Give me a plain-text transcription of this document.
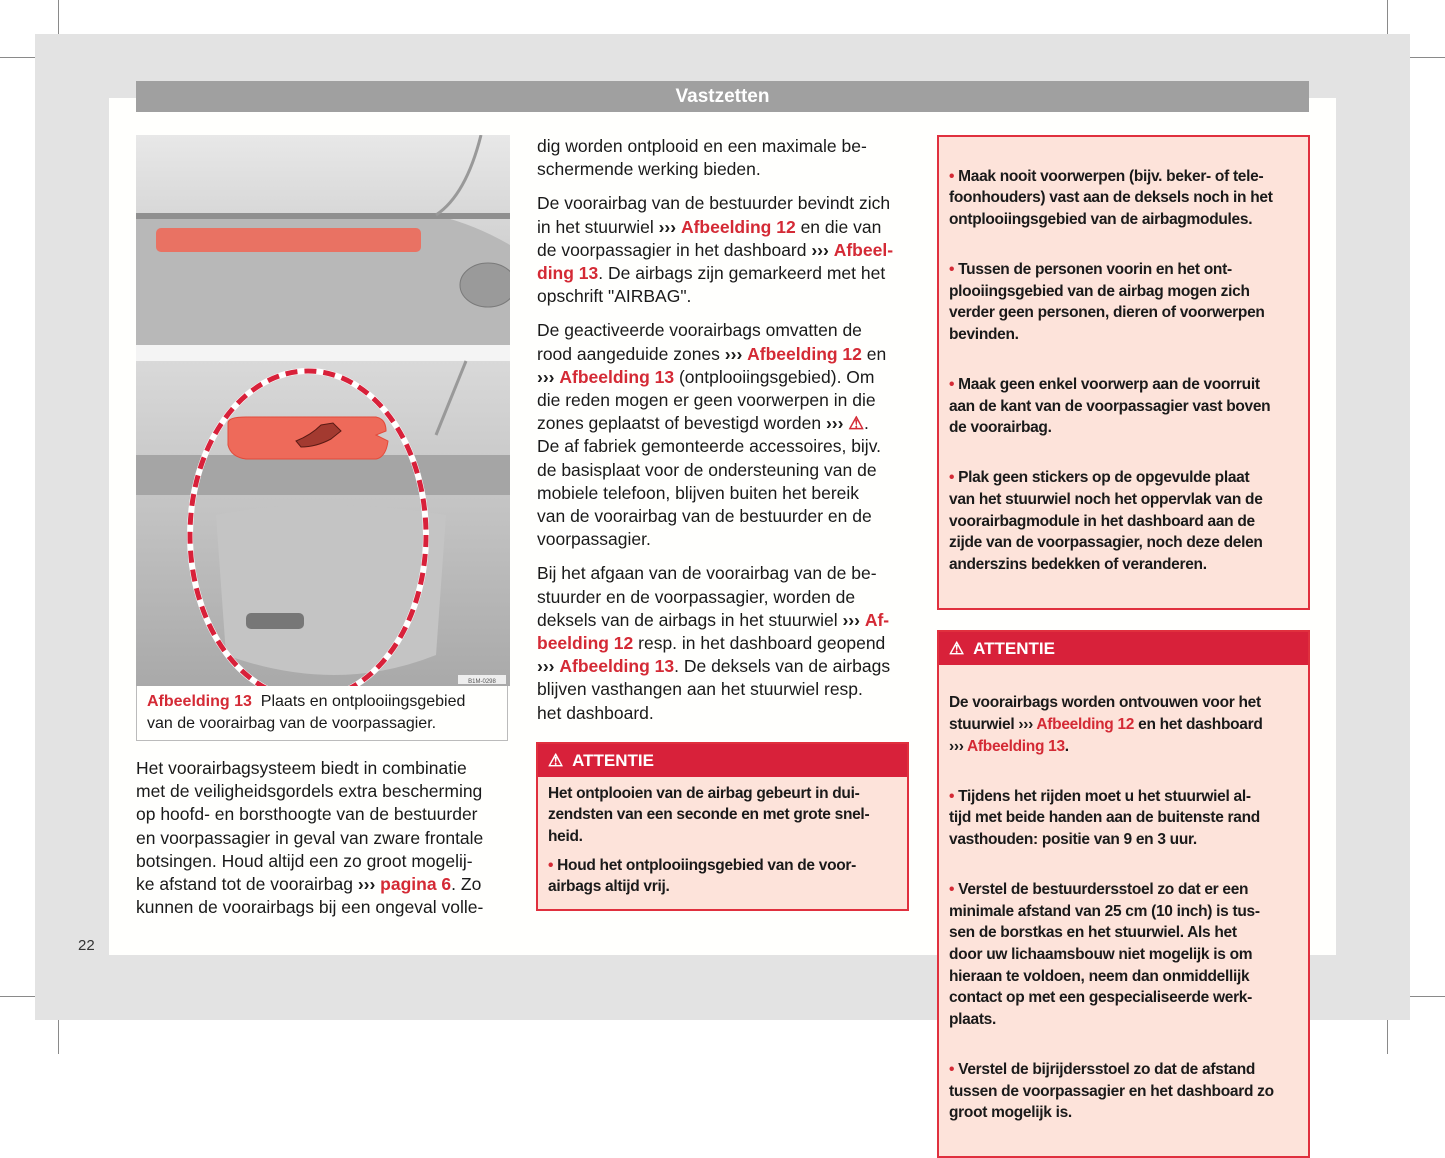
Vastzetten
B1M-0298
Afbeelding 13 Plaats en ontplooiingsgebied
van de voorairbag van de voorpassagier.
Het voorairbagsysteem biedt in combinatie
met de veiligheidsgordels extra bescherming
op hoofd- en borsthoogte van de bestuurder
en voorpassagier in geval van zware frontale
botsingen. Houd altijd een zo groot mogelij-
ke afstand tot de voorairbag ››› pagina 6. Zo
kunnen de voorairbags bij een ongeval volle-
dig worden ontplooid en een maximale be-
schermende werking bieden.
De voorairbag van de bestuurder bevindt zich
in het stuurwiel ››› Afbeelding 12 en die van
de voorpassagier in het dashboard ››› Afbeel-
ding 13. De airbags zijn gemarkeerd met het
opschrift "AIRBAG".
De geactiveerde voorairbags omvatten de
rood aangeduide zones ››› Afbeelding 12 en
››› Afbeelding 13 (ontplooiingsgebied). Om
die reden mogen er geen voorwerpen in die
zones geplaatst of bevestigd worden ››› ⚠.
De af fabriek gemonteerde accessoires, bijv.
de basisplaat voor de ondersteuning van de
mobiele telefoon, blijven buiten het bereik
van de voorairbag van de bestuurder en de
voorpassagier.
Bij het afgaan van de voorairbag van de be-
stuurder en de voorpassagier, worden de
deksels van de airbags in het stuurwiel ››› Af-
beelding 12 resp. in het dashboard geopend
››› Afbeelding 13. De deksels van de airbags
blijven vasthangen aan het stuurwiel resp.
het dashboard.
⚠ ATTENTIE

Het ontplooien van de airbag gebeurt in dui-
zendsten van een seconde en met grote snel-
heid.

• Houd het ontplooiingsgebied van de voor-
airbags altijd vrij.

• Maak nooit voorwerpen (bijv. beker- of tele-
foonhouders) vast aan de deksels noch in het
ontplooiingsgebied van de airbagmodules.

• Tussen de personen voorin en het ont-
plooiingsgebied van de airbag mogen zich
verder geen personen, dieren of voorwerpen
bevinden.

• Maak geen enkel voorwerp aan de voorruit
aan de kant van de voorpassagier vast boven
de voorairbag.

• Plak geen stickers op de opgevulde plaat
van het stuurwiel noch het oppervlak van de
voorairbagmodule in het dashboard aan de
zijde van de voorpassagier, noch deze delen
anderszins bedekken of veranderen.

⚠ ATTENTIE

De voorairbags worden ontvouwen voor het
stuurwiel ››› Afbeelding 12 en het dashboard
››› Afbeelding 13.

• Tijdens het rijden moet u het stuurwiel al-
tijd met beide handen aan de buitenste rand
vasthouden: positie van 9 en 3 uur.

• Verstel de bestuurdersstoel zo dat er een
minimale afstand van 25 cm (10 inch) is tus-
sen de borstkas en het stuurwiel. Als het
door uw lichaamsbouw niet mogelijk is om
hieraan te voldoen, neem dan onmiddellijk
contact op met een gespecialiseerde werk-
plaats.

• Verstel de bijrijdersstoel zo dat de afstand
tussen de voorpassagier en het dashboard zo
groot mogelijk is.

22
